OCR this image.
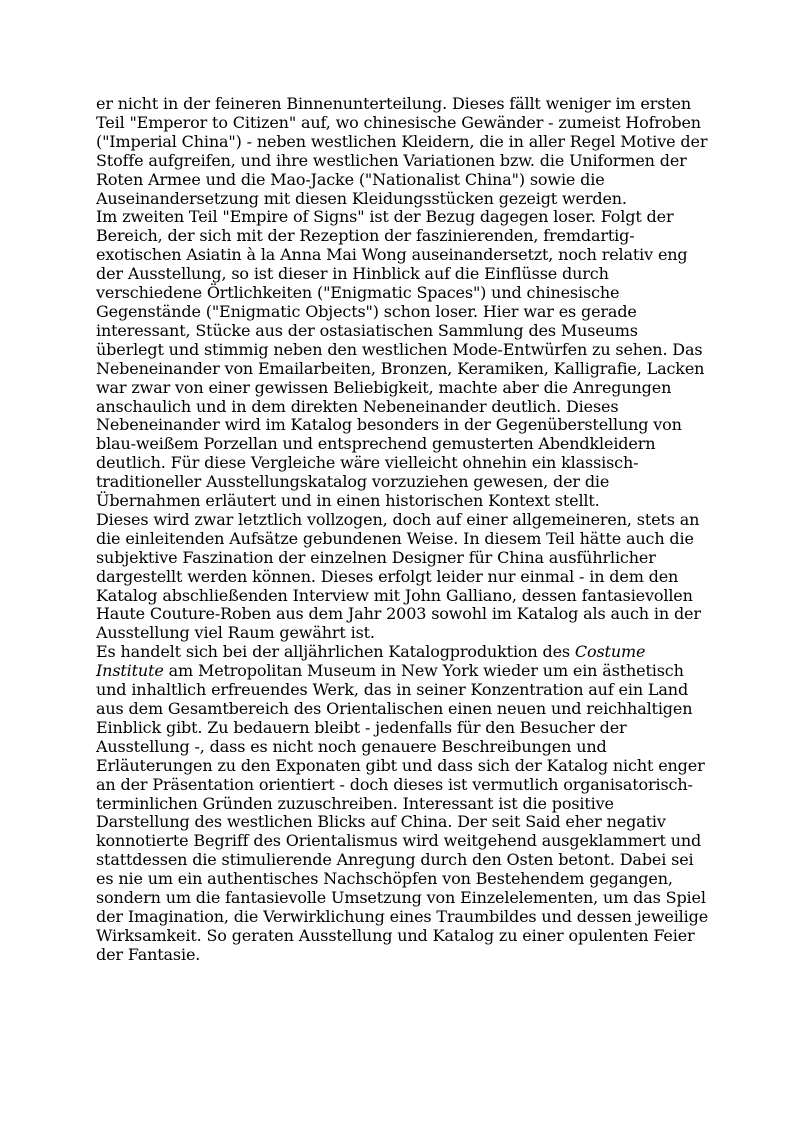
er nicht in der feineren Binnenunterteilung. Dieses fällt weniger im ersten Teil "Emperor to Citizen" auf, wo chinesische Gewänder - zumeist Hofroben ("Imperial China") - neben westlichen Kleidern, die in aller Regel Motive der Stoffe aufgreifen, und ihre westlichen Variationen bzw. die Uniformen der Roten Armee und die Mao-Jacke ("Nationalist China") sowie die Auseinandersetzung mit diesen Kleidungsstücken gezeigt werden.

Im zweiten Teil "Empire of Signs" ist der Bezug dagegen loser. Folgt der Bereich, der sich mit der Rezeption der faszinierenden, fremdartig-exotischen Asiatin à la Anna Mai Wong auseinandersetzt, noch relativ eng der Ausstellung, so ist dieser in Hinblick auf die Einflüsse durch verschiedene Örtlichkeiten ("Enigmatic Spaces") und chinesische Gegenstände ("Enigmatic Objects") schon loser. Hier war es gerade interessant, Stücke aus der ostasiatischen Sammlung des Museums überlegt und stimmig neben den westlichen Mode-Entwürfen zu sehen. Das Nebeneinander von Emailarbeiten, Bronzen, Keramiken, Kalligrafie, Lacken war zwar von einer gewissen Beliebigkeit, machte aber die Anregungen anschaulich und in dem direkten Nebeneinander deutlich. Dieses Nebeneinander wird im Katalog besonders in der Gegenüberstellung von blau-weißem Porzellan und entsprechend gemusterten Abendkleidern deutlich. Für diese Vergleiche wäre vielleicht ohnehin ein klassisch-traditioneller Ausstellungskatalog vorzuziehen gewesen, der die Übernahmen erläutert und in einen historischen Kontext stellt.

Dieses wird zwar letztlich vollzogen, doch auf einer allgemeineren, stets an die einleitenden Aufsätze gebundenen Weise. In diesem Teil hätte auch die subjektive Faszination der einzelnen Designer für China ausführlicher dargestellt werden können. Dieses erfolgt leider nur einmal - in dem den Katalog abschließenden Interview mit John Galliano, dessen fantasievollen Haute Couture-Roben aus dem Jahr 2003 sowohl im Katalog als auch in der Ausstellung viel Raum gewährt ist.

Es handelt sich bei der alljährlichen Katalogproduktion des Costume Institute am Metropolitan Museum in New York wieder um ein ästhetisch und inhaltlich erfreuendes Werk, das in seiner Konzentration auf ein Land aus dem Gesamtbereich des Orientalischen einen neuen und reichhaltigen Einblick gibt. Zu bedauern bleibt - jedenfalls für den Besucher der Ausstellung -, dass es nicht noch genauere Beschreibungen und Erläuterungen zu den Exponaten gibt und dass sich der Katalog nicht enger an der Präsentation orientiert - doch dieses ist vermutlich organisatorisch-terminlichen Gründen zuzuschreiben. Interessant ist die positive Darstellung des westlichen Blicks auf China. Der seit Said eher negativ konnotierte Begriff des Orientalismus wird weitgehend ausgeklammert und stattdessen die stimulierende Anregung durch den Osten betont. Dabei sei es nie um ein authentisches Nachschöpfen von Bestehendem gegangen, sondern um die fantasievolle Umsetzung von Einzelelementen, um das Spiel der Imagination, die Verwirklichung eines Traumbildes und dessen jeweilige Wirksamkeit. So geraten Ausstellung und Katalog zu einer opulenten Feier der Fantasie.
